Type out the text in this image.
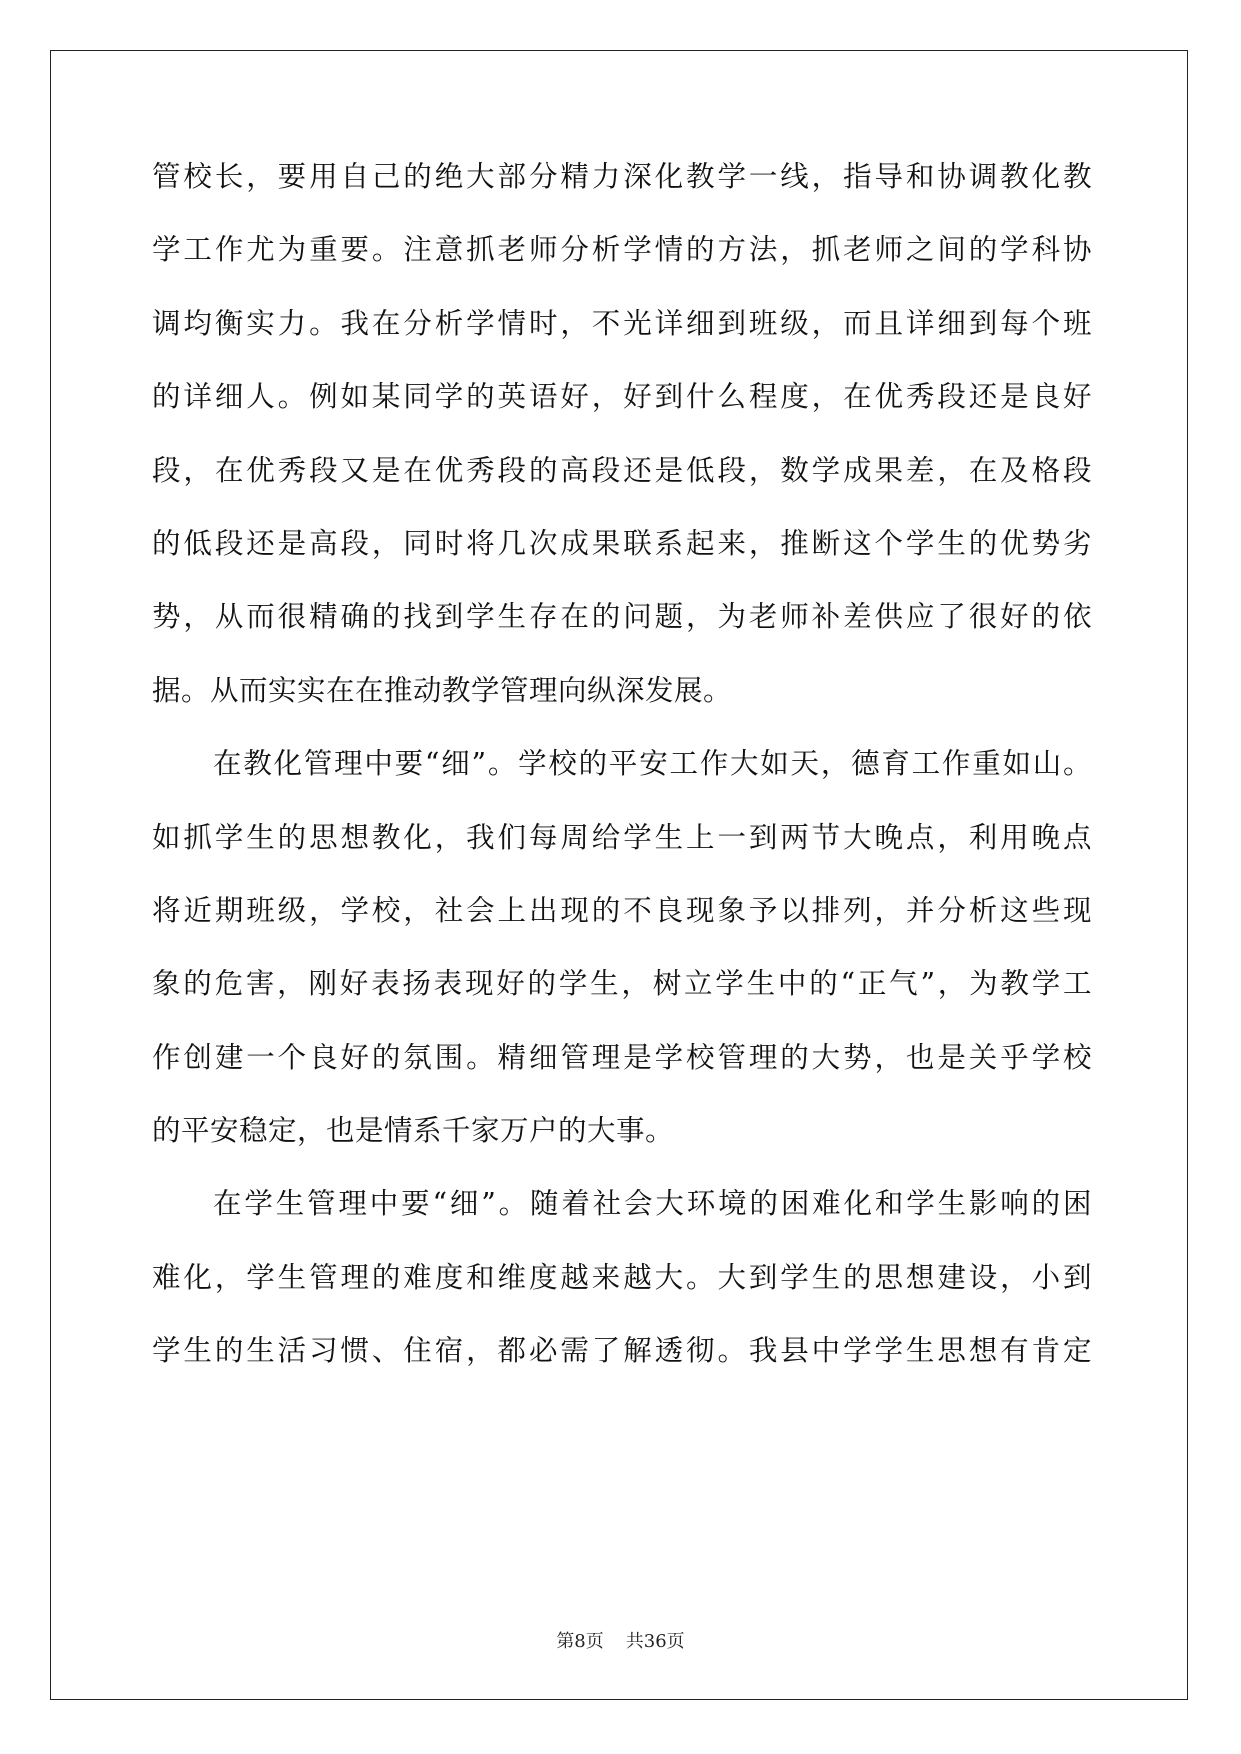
管校长，要用自己的绝大部分精力深化教学一线，指导和协调教化教
学工作尤为重要。注意抓老师分析学情的方法，抓老师之间的学科协
调均衡实力。我在分析学情时，不光详细到班级，而且详细到每个班
的详细人。例如某同学的英语好，好到什么程度，在优秀段还是良好
段，在优秀段又是在优秀段的高段还是低段，数学成果差，在及格段
的低段还是高段，同时将几次成果联系起来，推断这个学生的优势劣
势，从而很精确的找到学生存在的问题，为老师补差供应了很好的依
据。从而实实在在推动教学管理向纵深发展。
在教化管理中要“细”。学校的平安工作大如天，德育工作重如山。
如抓学生的思想教化，我们每周给学生上一到两节大晚点，利用晚点
将近期班级，学校，社会上出现的不良现象予以排列，并分析这些现
象的危害，刚好表扬表现好的学生，树立学生中的“正气”，为教学工
作创建一个良好的氛围。精细管理是学校管理的大势，也是关乎学校
的平安稳定，也是情系千家万户的大事。
在学生管理中要“细”。随着社会大环境的困难化和学生影响的困
难化，学生管理的难度和维度越来越大。大到学生的思想建设，小到
学生的生活习惯、住宿，都必需了解透彻。我县中学学生思想有肯定
第8页 共36页
